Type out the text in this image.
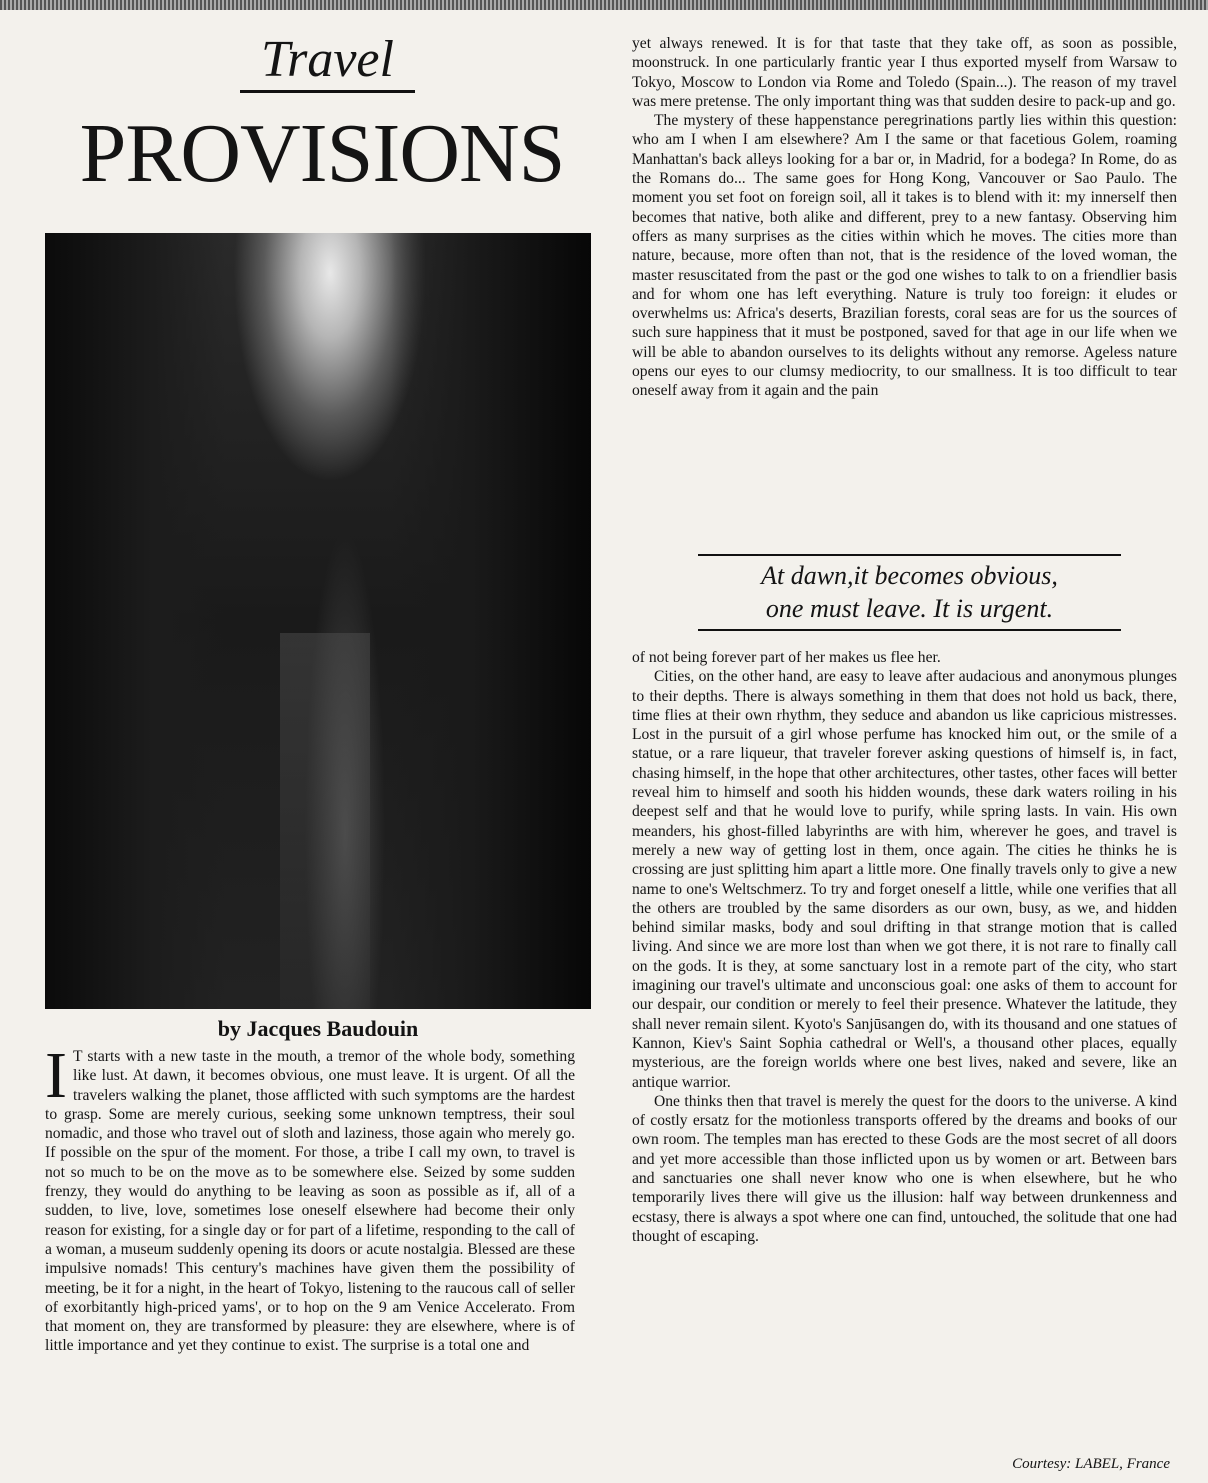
Travel
PROVISIONS
by Jacques Baudouin
I T starts with a new taste in the mouth, a tremor of the whole body, something like lust. At dawn, it becomes obvious, one must leave. It is urgent. Of all the travelers walking the planet, those afflicted with such symptoms are the hardest to grasp. Some are merely curious, seeking some unknown temptress, their soul nomadic, and those who travel out of sloth and laziness, those again who merely go. If possible on the spur of the moment. For those, a tribe I call my own, to travel is not so much to be on the move as to be somewhere else. Seized by some sudden frenzy, they would do anything to be leaving as soon as possible as if, all of a sudden, to live, love, sometimes lose oneself elsewhere had become their only reason for existing, for a single day or for part of a lifetime, responding to the call of a woman, a museum suddenly opening its doors or acute nostalgia. Blessed are these impulsive nomads! This century's machines have given them the possibility of meeting, be it for a night, in the heart of Tokyo, listening to the raucous call of seller of exorbitantly high-priced yams', or to hop on the 9 am Venice Accelerato. From that moment on, they are transformed by pleasure: they are elsewhere, where is of little importance and yet they continue to exist. The surprise is a total one and

yet always renewed. It is for that taste that they take off, as soon as possible, moonstruck. In one particularly frantic year I thus exported myself from Warsaw to Tokyo, Moscow to London via Rome and Toledo (Spain...). The reason of my travel was mere pretense. The only important thing was that sudden desire to pack-up and go.

The mystery of these happenstance peregrinations partly lies within this question: who am I when I am elsewhere? Am I the same or that facetious Golem, roaming Manhattan's back alleys looking for a bar or, in Madrid, for a bodega? In Rome, do as the Romans do... The same goes for Hong Kong, Vancouver or Sao Paulo. The moment you set foot on foreign soil, all it takes is to blend with it: my innerself then becomes that native, both alike and different, prey to a new fantasy. Observing him offers as many surprises as the cities within which he moves. The cities more than nature, because, more often than not, that is the residence of the loved woman, the master resuscitated from the past or the god one wishes to talk to on a friendlier basis and for whom one has left everything. Nature is truly too foreign: it eludes or overwhelms us: Africa's deserts, Brazilian forests, coral seas are for us the sources of such sure happiness that it must be postponed, saved for that age in our life when we will be able to abandon ourselves to its delights without any remorse. Ageless nature opens our eyes to our clumsy mediocrity, to our smallness. It is too difficult to tear oneself away from it again and the pain

At dawn,it becomes obvious,
one must leave. It is urgent.

of not being forever part of her makes us flee her.

Cities, on the other hand, are easy to leave after audacious and anonymous plunges to their depths. There is always something in them that does not hold us back, there, time flies at their own rhythm, they seduce and abandon us like capricious mistresses. Lost in the pursuit of a girl whose perfume has knocked him out, or the smile of a statue, or a rare liqueur, that traveler forever asking questions of himself is, in fact, chasing himself, in the hope that other architectures, other tastes, other faces will better reveal him to himself and sooth his hidden wounds, these dark waters roiling in his deepest self and that he would love to purify, while spring lasts. In vain. His own meanders, his ghost-filled labyrinths are with him, wherever he goes, and travel is merely a new way of getting lost in them, once again. The cities he thinks he is crossing are just splitting him apart a little more. One finally travels only to give a new name to one's Weltschmerz. To try and forget oneself a little, while one verifies that all the others are troubled by the same disorders as our own, busy, as we, and hidden behind similar masks, body and soul drifting in that strange motion that is called living. And since we are more lost than when we got there, it is not rare to finally call on the gods. It is they, at some sanctuary lost in a remote part of the city, who start imagining our travel's ultimate and unconscious goal: one asks of them to account for our despair, our condition or merely to feel their presence. Whatever the latitude, they shall never remain silent. Kyoto's Sanjūsangen do, with its thousand and one statues of Kannon, Kiev's Saint Sophia cathedral or Well's, a thousand other places, equally mysterious, are the foreign worlds where one best lives, naked and severe, like an antique warrior.

One thinks then that travel is merely the quest for the doors to the universe. A kind of costly ersatz for the motionless transports offered by the dreams and books of our own room. The temples man has erected to these Gods are the most secret of all doors and yet more accessible than those inflicted upon us by women or art. Between bars and sanctuaries one shall never know who one is when elsewhere, but he who temporarily lives there will give us the illusion: half way between drunkenness and ecstasy, there is always a spot where one can find, untouched, the solitude that one had thought of escaping.

Courtesy: LABEL, France
